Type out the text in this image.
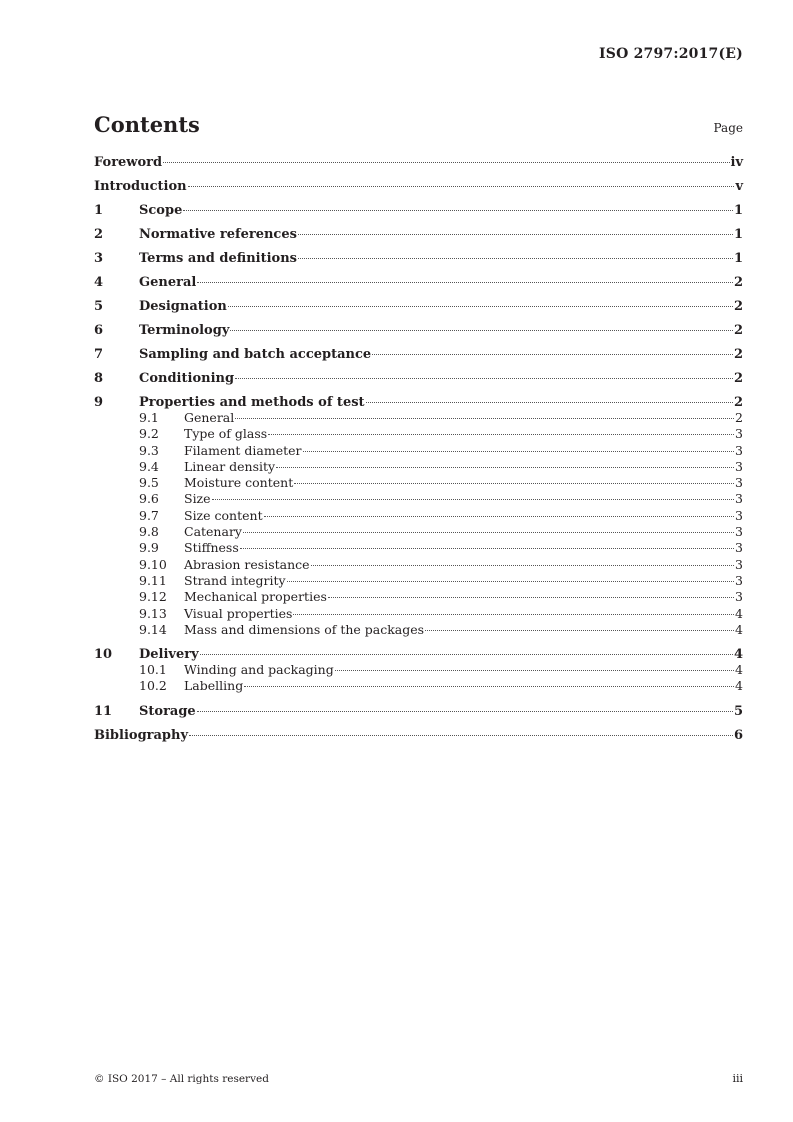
ISO 2797:2017(E)
Contents	Page
Foreword	iv
Introduction	v
1	Scope	1
2	Normative references	1
3	Terms and definitions	1
4	General	2
5	Designation	2
6	Terminology	2
7	Sampling and batch acceptance	2
8	Conditioning	2
9	Properties and methods of test	2
9.1	General	2
9.2	Type of glass	3
9.3	Filament diameter	3
9.4	Linear density	3
9.5	Moisture content	3
9.6	Size	3
9.7	Size content	3
9.8	Catenary	3
9.9	Stiffness	3
9.10	Abrasion resistance	3
9.11	Strand integrity	3
9.12	Mechanical properties	3
9.13	Visual properties	4
9.14	Mass and dimensions of the packages	4
10	Delivery	4
10.1	Winding and packaging	4
10.2	Labelling	4
11	Storage	5
Bibliography	6
© ISO 2017 – All rights reserved	iii
